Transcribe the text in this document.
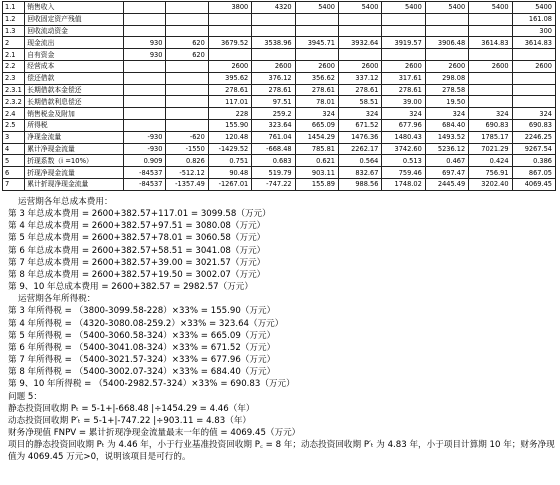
1.1	销售收入			3800	4320	5400	5400	5400	5400	5400	5400
1.2	回收固定资产残值										161.08
1.3	回收流动资金										300
2	现金流出	930	620	3679.52	3538.96	3945.71	3932.64	3919.57	3906.48	3614.83	3614.83
2.1	自有资金	930	620								
2.2	经营成本			2600	2600	2600	2600	2600	2600	2600	2600
2.3	偿还借款			395.62	376.12	356.62	337.12	317.61	298.08		
2.3.1	长期借款本金偿还			278.61	278.61	278.61	278.61	278.61	278.58		
2.3.2	长期借款利息偿还			117.01	97.51	78.01	58.51	39.00	19.50		
2.4	销售税金及附加			228	259.2	324	324	324	324	324	324
2.5	所得税			155.90	323.64	665.09	671.52	677.96	684.40	690.83	690.83
3	净现金流量	-930	-620	120.48	761.04	1454.29	1476.36	1480.43	1493.52	1785.17	2246.25
4	累计净现金流量	-930	-1550	-1429.52	-668.48	785.81	2262.17	3742.60	5236.12	7021.29	9267.54
5	折现系数（i =10%）	0.909	0.826	0.751	0.683	0.621	0.564	0.513	0.467	0.424	0.386
6	折现净现金流量	-84537	-512.12	90.48	519.79	903.11	832.67	759.46	697.47	756.91	867.05
7	累计折现净现金流量	-84537	-1357.49	-1267.01	-747.22	155.89	988.56	1748.02	2445.49	3202.40	4069.45
运营期各年总成本费用：
第 3 年总成本费用 = 2600+382.57+117.01 = 3099.58（万元）
第 4 年总成本费用 = 2600+382.57+97.51 = 3080.08（万元）
第 5 年总成本费用 = 2600+382.57+78.01 = 3060.58（万元）
第 6 年总成本费用 = 2600+382.57+58.51 = 3041.08（万元）
第 7 年总成本费用 = 2600+382.57+39.00 = 3021.57（万元）
第 8 年总成本费用 = 2600+382.57+19.50 = 3002.07（万元）
第 9、10 年总成本费用 = 2600+382.57 = 2982.57（万元）
运营期各年所得税：
第 3 年所得税 = （3800-3099.58-228）×33% = 155.90（万元）
第 4 年所得税 = （4320-3080.08-259.2）×33% = 323.64（万元）
第 5 年所得税 = （5400-3060.58-324）×33% = 665.09（万元）
第 6 年所得税 = （5400-3041.08-324）×33% = 671.52（万元）
第 7 年所得税 = （5400-3021.57-324）×33% = 677.96（万元）
第 8 年所得税 = （5400-3002.07-324）×33% = 684.40（万元）
第 9、10 年所得税 = （5400-2982.57-324）×33% = 690.83（万元）
问题 5：
静态投资回收期 Pₜ = 5-1+|-668.48 |÷1454.29 = 4.46（年）
动态投资回收期 P′ₜ = 5-1+|-747.22 |÷903.11 = 4.83（年）
财务净现值 FNPV = 累计折现净现金流量最末一年的值 = 4069.45（万元）
项目的静态投资回收期 Pₜ 为 4.46 年，小于行业基准投资回收期 P꜀ = 8 年；动态投资回收期 P′ₜ 为 4.83 年，小于项目计算期 10 年；财务净现值为 4069.45 万元>0，说明该项目是可行的。
